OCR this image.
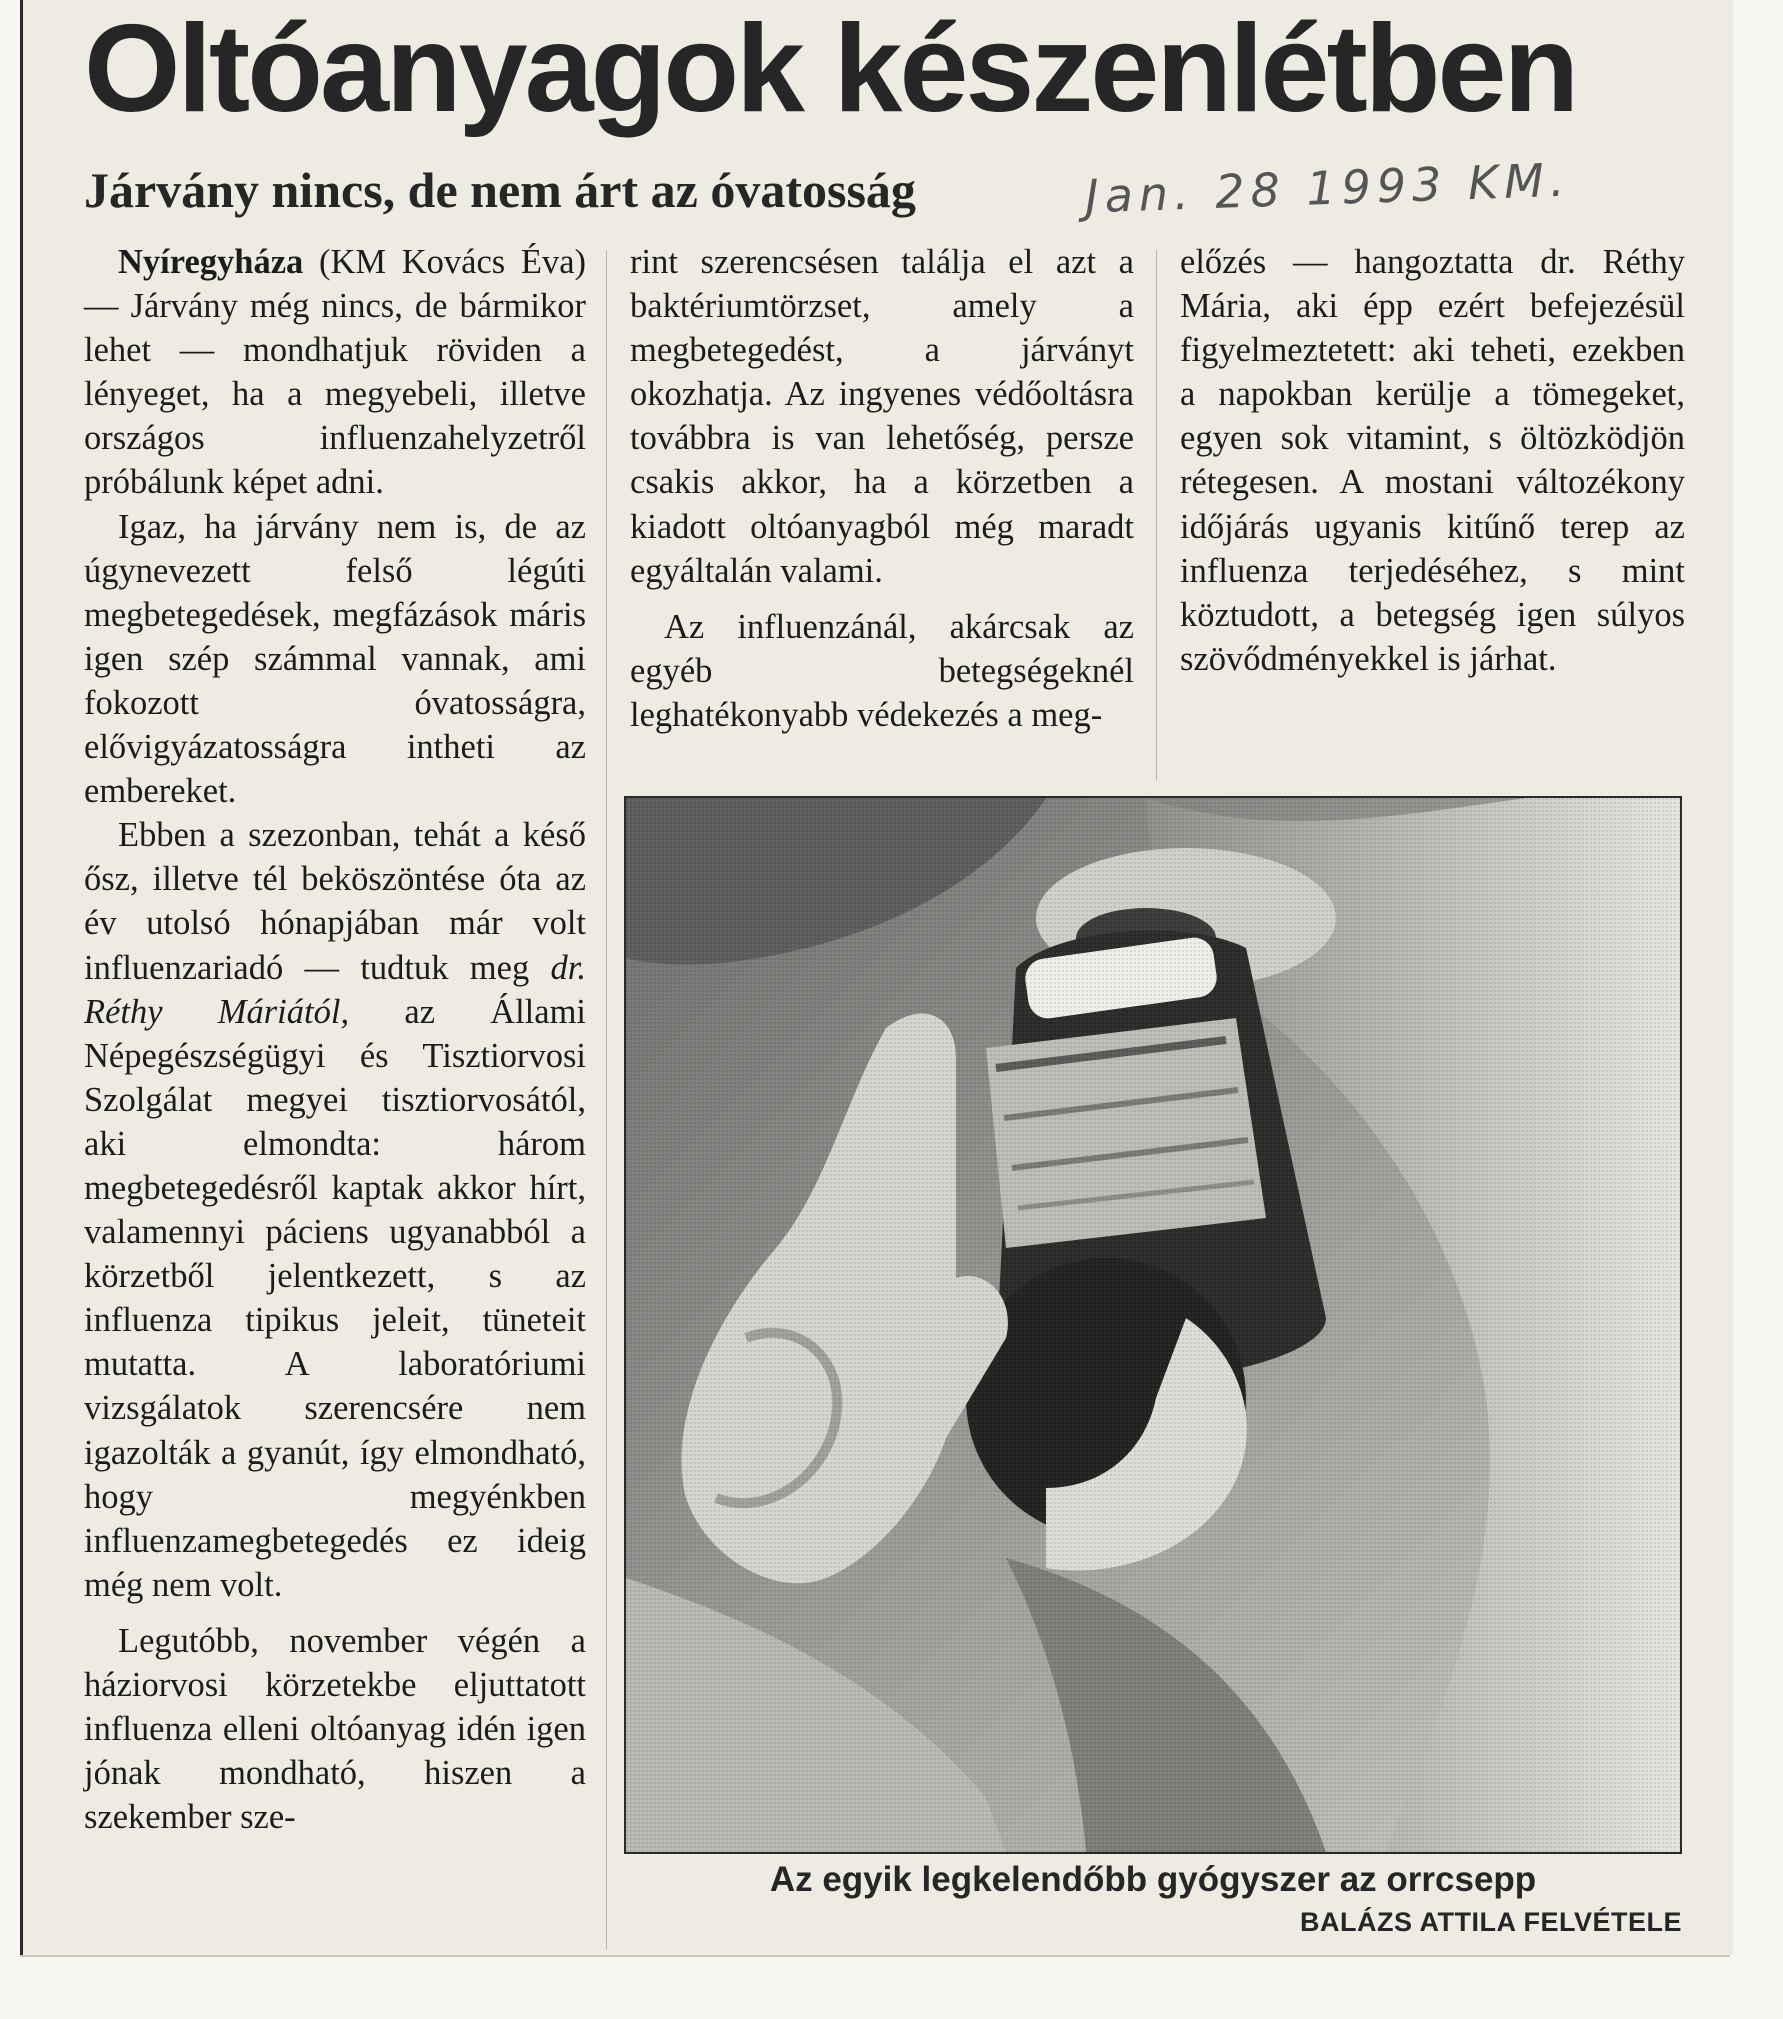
Oltóanyagok készenlétben
Járvány nincs, de nem árt az óvatosság	Jan. 28 1993 KM.

Nyíregyháza (KM Kovács Éva) — Járvány még nincs, de bármikor lehet — mondhatjuk röviden a lényeget, ha a megyebeli, illetve országos influenzahelyzetről próbálunk képet adni.

Igaz, ha járvány nem is, de az úgynevezett felső légúti megbetegedések, megfázások máris igen szép számmal vannak, ami fokozott óvatosságra, elővigyázatosságra intheti az embereket.

Ebben a szezonban, tehát a késő ősz, illetve tél beköszöntése óta az év utolsó hónapjában már volt influenzariadó — tudtuk meg dr. Réthy Máriától, az Állami Népegészségügyi és Tisztiorvosi Szolgálat megyei tisztiorvosától, aki elmondta: három megbetegedésről kaptak akkor hírt, valamennyi páciens ugyanabból a körzetből jelentkezett, s az influenza tipikus jeleit, tüneteit mutatta. A laboratóriumi vizsgálatok szerencsére nem igazolták a gyanút, így elmondható, hogy megyénkben influenzamegbetegedés ez ideig még nem volt.

Legutóbb, november végén a háziorvosi körzetekbe eljuttatott influenza elleni oltóanyag idén igen jónak mondható, hiszen a szekember sze-

rint szerencsésen találja el azt a baktériumtörzset, amely a megbetegedést, a járványt okozhatja. Az ingyenes védőoltásra továbbra is van lehetőség, persze csakis akkor, ha a körzetben a kiadott oltóanyagból még maradt egyáltalán valami.

Az influenzánál, akárcsak az egyéb betegségeknél leghatékonyabb védekezés a meg-

előzés — hangoztatta dr. Réthy Mária, aki épp ezért befejezésül figyelmeztetett: aki teheti, ezekben a napokban kerülje a tömegeket, egyen sok vitamint, s öltözködjön rétegesen. A mostani változékony időjárás ugyanis kitűnő terep az influenza terjedéséhez, s mint köztudott, a betegség igen súlyos szövődményekkel is járhat.

Az egyik legkelendőbb gyógyszer az orrcsepp
BALÁZS ATTILA FELVÉTELE
